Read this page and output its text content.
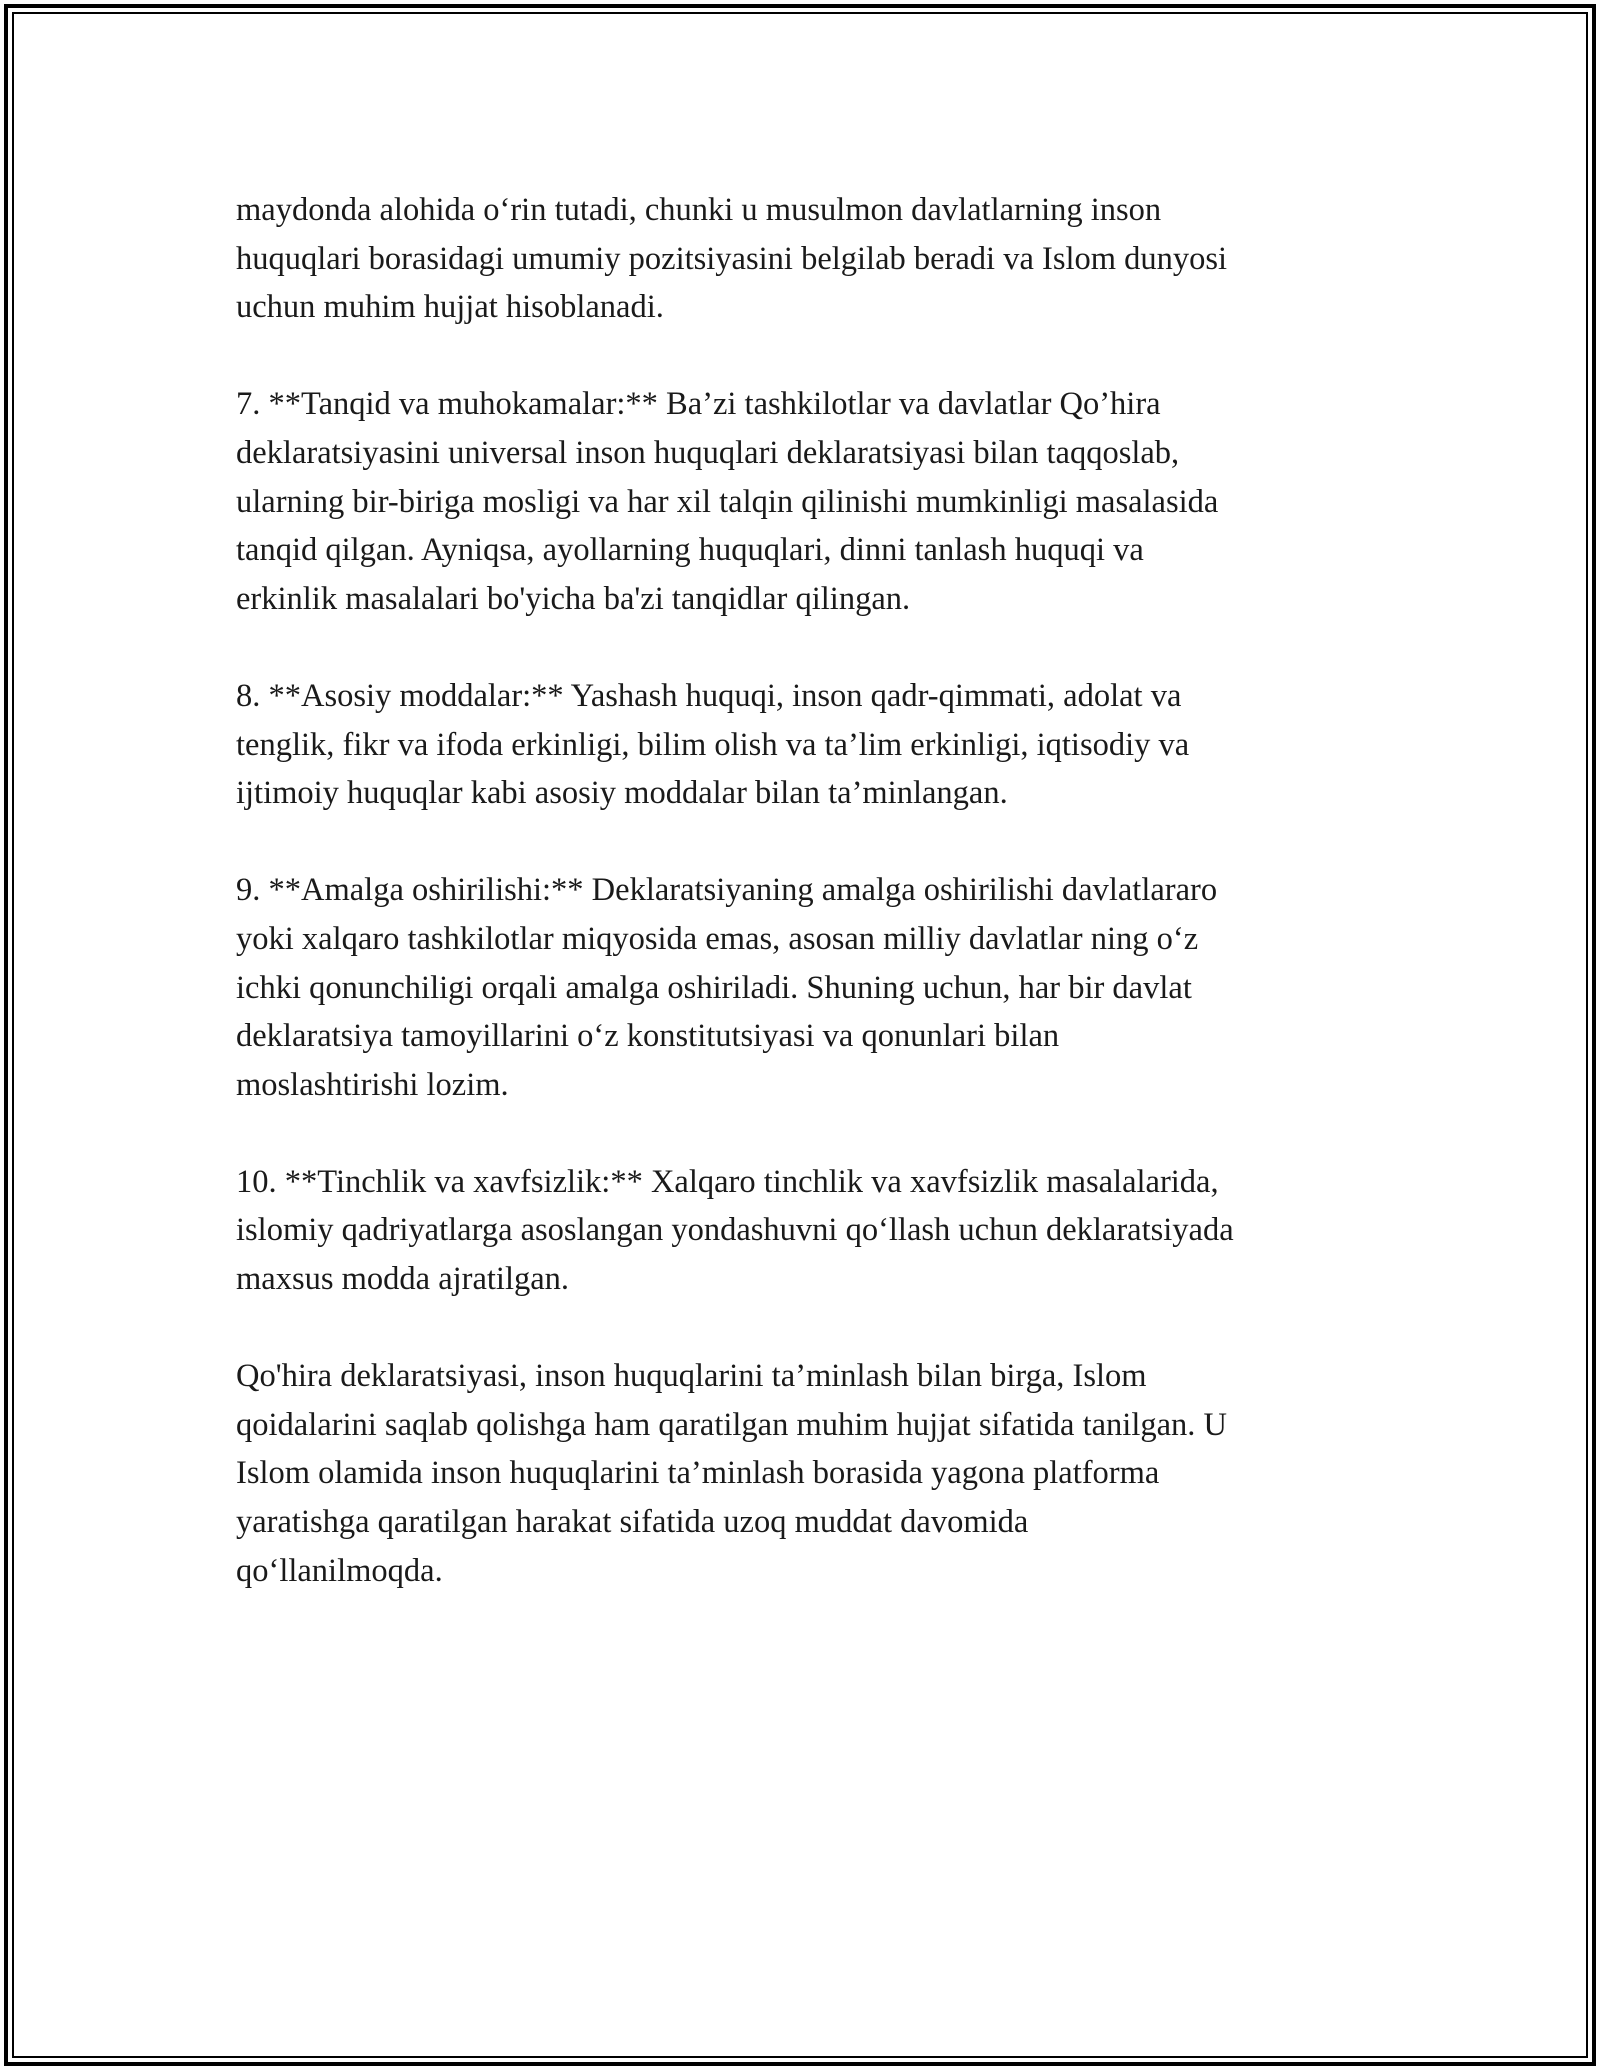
maydonda alohida o‘rin tutadi, chunki u musulmon davlatlarning inson
huquqlari borasidagi umumiy pozitsiyasini belgilab beradi va Islom dunyosi
uchun muhim hujjat hisoblanadi.

7. **Tanqid va muhokamalar:** Ba’zi tashkilotlar va davlatlar Qo’hira
deklaratsiyasini universal inson huquqlari deklaratsiyasi bilan taqqoslab,
ularning bir-biriga mosligi va har xil talqin qilinishi mumkinligi masalasida
tanqid qilgan. Ayniqsa, ayollarning huquqlari, dinni tanlash huquqi va
erkinlik masalalari bo'yicha ba'zi tanqidlar qilingan.

8. **Asosiy moddalar:** Yashash huquqi, inson qadr-qimmati, adolat va
tenglik, fikr va ifoda erkinligi, bilim olish va ta’lim erkinligi, iqtisodiy va
ijtimoiy huquqlar kabi asosiy moddalar bilan ta’minlangan.

9. **Amalga oshirilishi:** Deklaratsiyaning amalga oshirilishi davlatlararo
yoki xalqaro tashkilotlar miqyosida emas, asosan milliy davlatlar ning o‘z
ichki qonunchiligi orqali amalga oshiriladi. Shuning uchun, har bir davlat
deklaratsiya tamoyillarini o‘z konstitutsiyasi va qonunlari bilan
moslashtirishi lozim.

10. **Tinchlik va xavfsizlik:** Xalqaro tinchlik va xavfsizlik masalalarida,
islomiy qadriyatlarga asoslangan yondashuvni qo‘llash uchun deklaratsiyada
maxsus modda ajratilgan.

Qo'hira deklaratsiyasi, inson huquqlarini ta’minlash bilan birga, Islom
qoidalarini saqlab qolishga ham qaratilgan muhim hujjat sifatida tanilgan. U
Islom olamida inson huquqlarini ta’minlash borasida yagona platforma
yaratishga qaratilgan harakat sifatida uzoq muddat davomida
qo‘llanilmoqda.
